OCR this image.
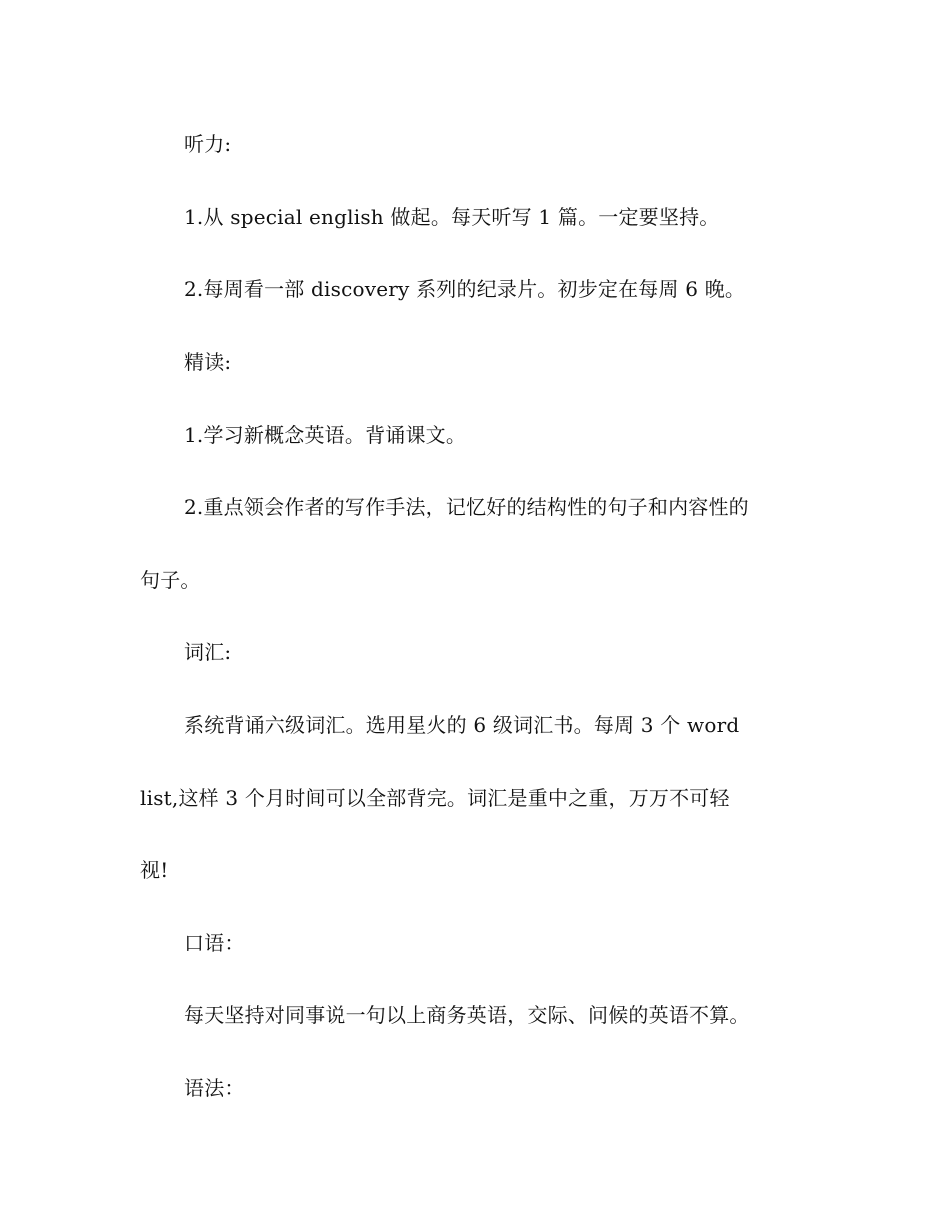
听力:
1.从 special english 做起。每天听写 1 篇。一定要坚持。
2.每周看一部 discovery 系列的纪录片。初步定在每周 6 晚。
精读:
1.学习新概念英语。背诵课文。
2.重点领会作者的写作手法，记忆好的结构性的句子和内容性的
句子。
词汇:
系统背诵六级词汇。选用星火的 6 级词汇书。每周 3 个 word
list,这样 3 个月时间可以全部背完。词汇是重中之重，万万不可轻
视!
口语：
每天坚持对同事说一句以上商务英语，交际、问候的英语不算。
语法：
